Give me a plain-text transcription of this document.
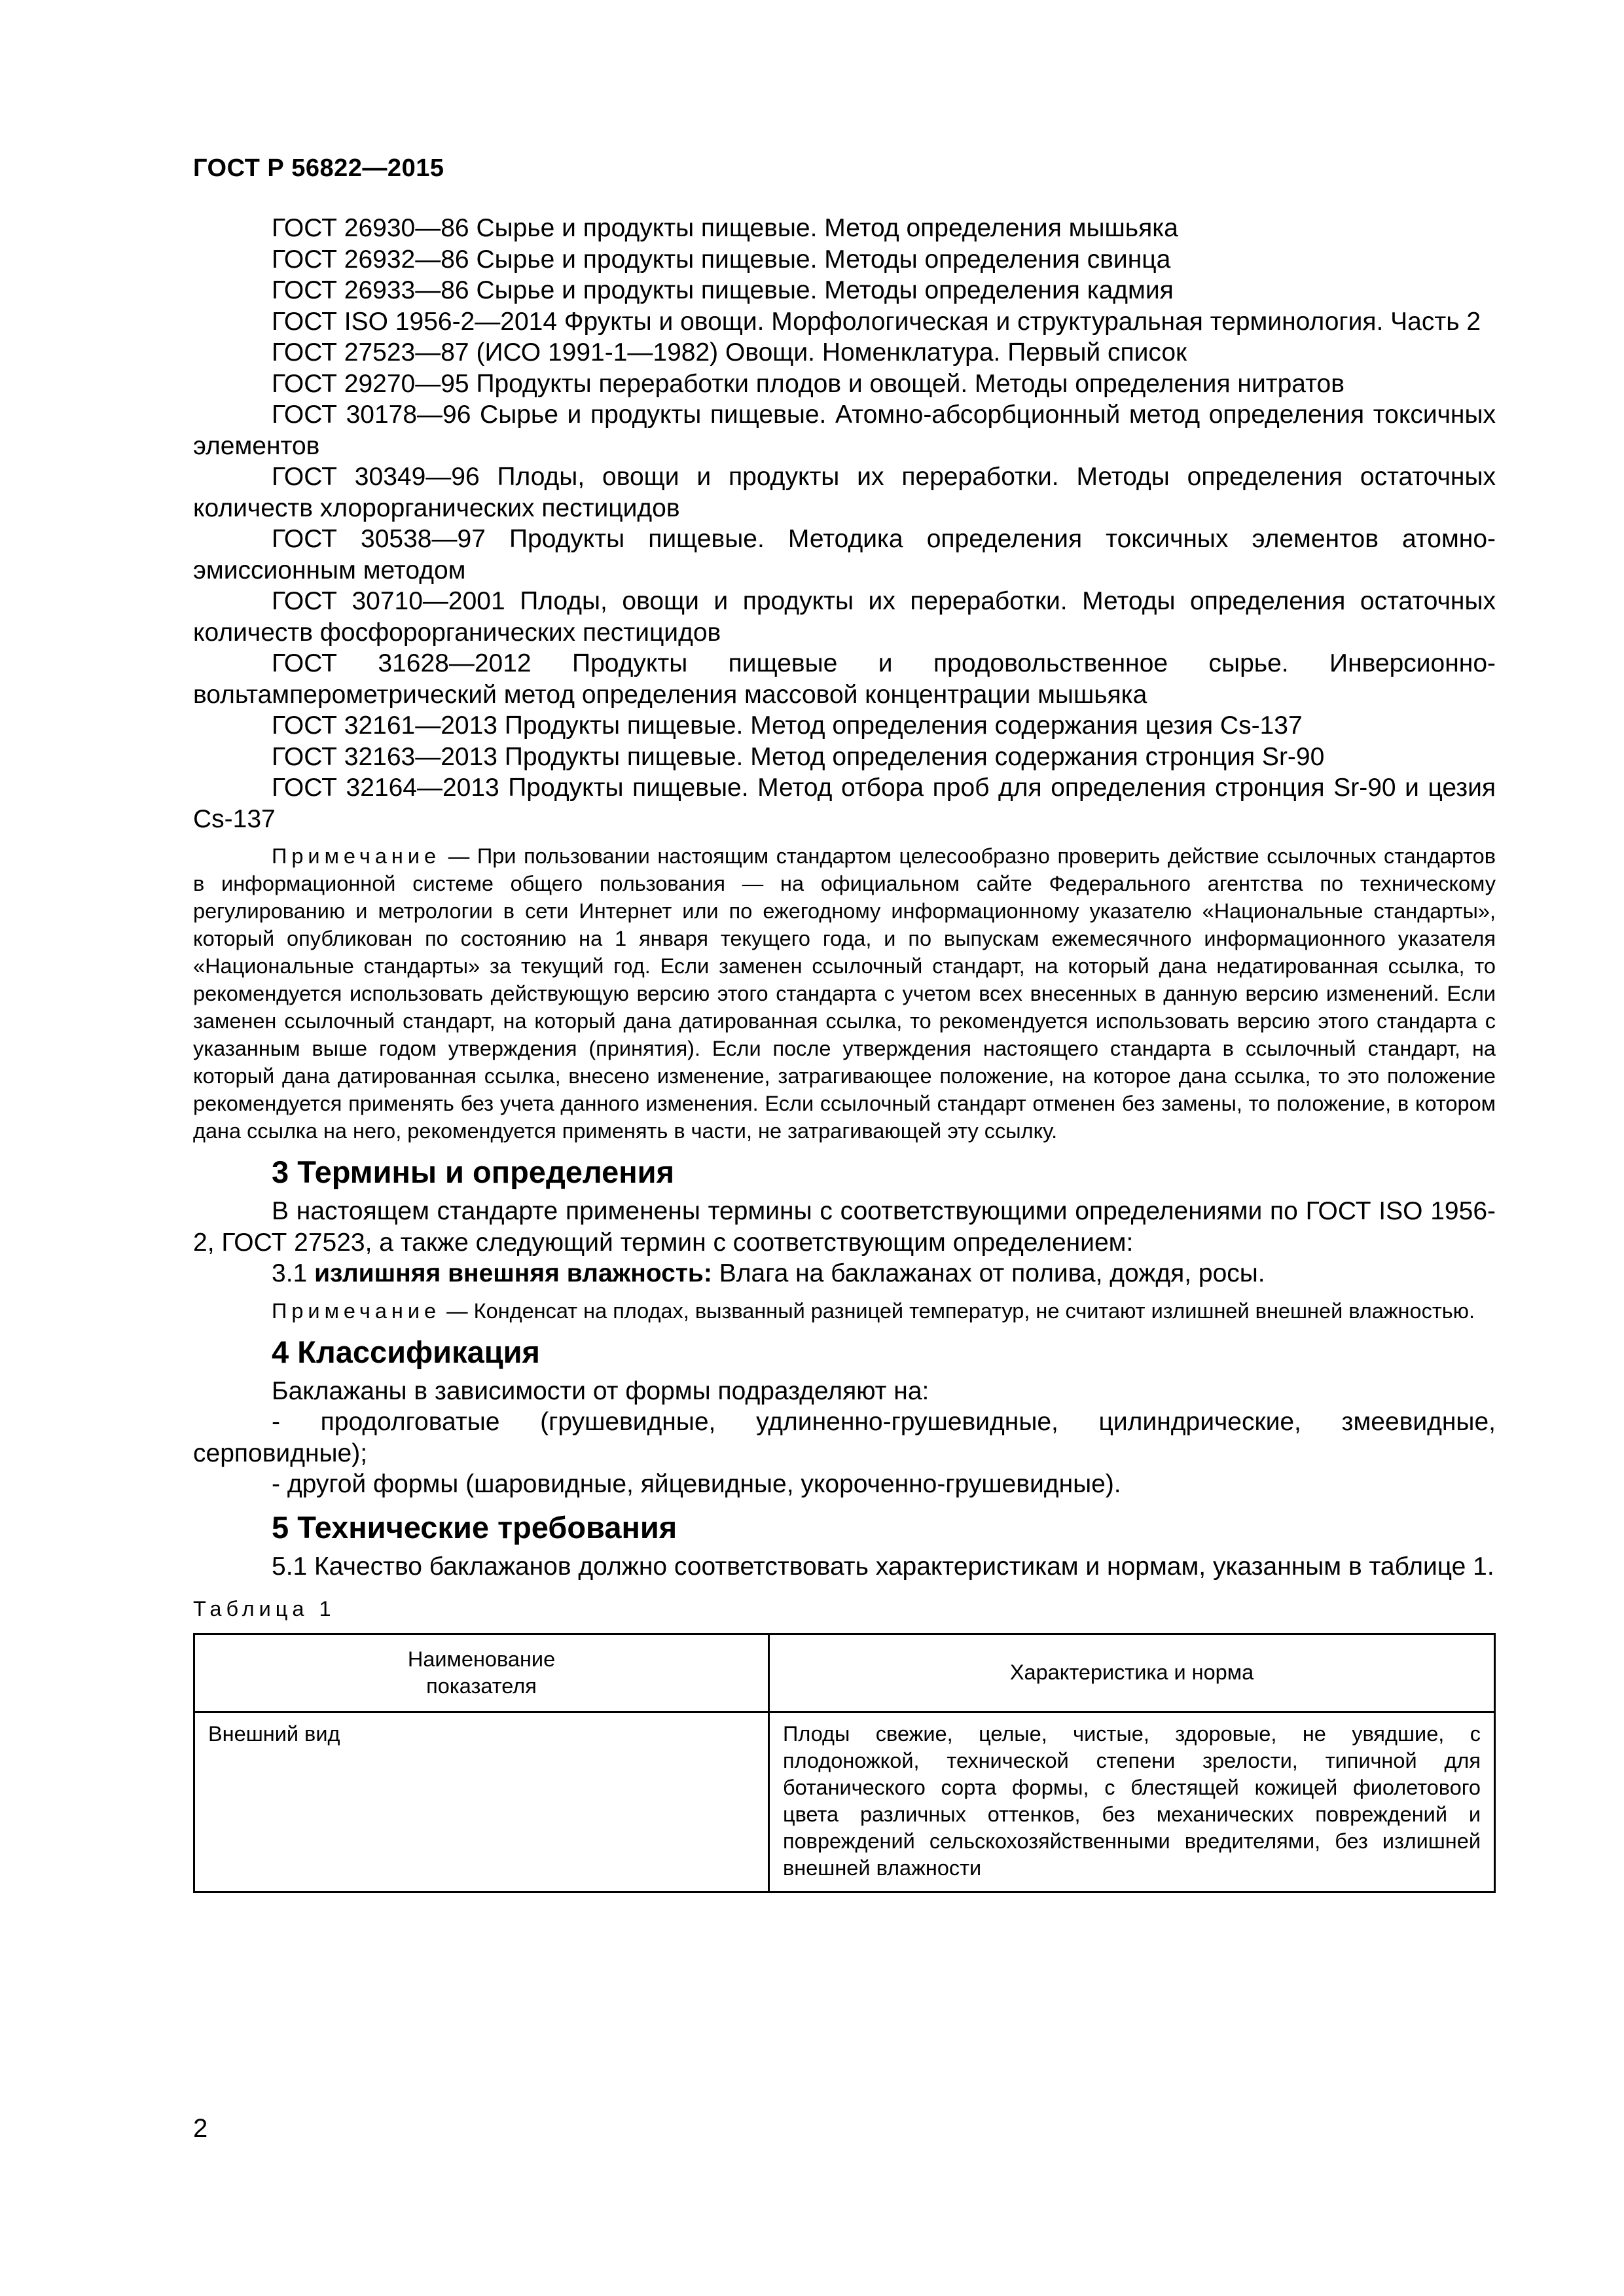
ГОСТ Р 56822—2015

ГОСТ 26930—86 Сырье и продукты пищевые. Метод определения мышьяка

ГОСТ 26932—86 Сырье и продукты пищевые. Методы определения свинца

ГОСТ 26933—86 Сырье и продукты пищевые. Методы определения кадмия

ГОСТ ISO 1956-2—2014 Фрукты и овощи. Морфологическая и структуральная терминология. Часть 2

ГОСТ 27523—87 (ИСО 1991-1—1982) Овощи. Номенклатура. Первый список

ГОСТ 29270—95 Продукты переработки плодов и овощей. Методы определения нитратов

ГОСТ 30178—96 Сырье и продукты пищевые. Атомно-абсорбционный метод определения токсичных элементов

ГОСТ 30349—96 Плоды, овощи и продукты их переработки. Методы определения остаточных количеств хлорорганических пестицидов

ГОСТ 30538—97 Продукты пищевые. Методика определения токсичных элементов атомно-эмиссионным методом

ГОСТ 30710—2001 Плоды, овощи и продукты их переработки. Методы определения остаточных количеств фосфорорганических пестицидов

ГОСТ 31628—2012 Продукты пищевые и продовольственное сырье. Инверсионно-вольтамперометрический метод определения массовой концентрации мышьяка

ГОСТ 32161—2013 Продукты пищевые. Метод определения содержания цезия Cs-137

ГОСТ 32163—2013 Продукты пищевые. Метод определения содержания стронция Sr-90

ГОСТ 32164—2013 Продукты пищевые. Метод отбора проб для определения стронция Sr-90 и цезия Cs-137

Примечание — При пользовании настоящим стандартом целесообразно проверить действие ссылочных стандартов в информационной системе общего пользования — на официальном сайте Федерального агентства по техническому регулированию и метрологии в сети Интернет или по ежегодному информационному указателю «Национальные стандарты», который опубликован по состоянию на 1 января текущего года, и по выпускам ежемесячного информационного указателя «Национальные стандарты» за текущий год. Если заменен ссылочный стандарт, на который дана недатированная ссылка, то рекомендуется использовать действующую версию этого стандарта с учетом всех внесенных в данную версию изменений. Если заменен ссылочный стандарт, на который дана датированная ссылка, то рекомендуется использовать версию этого стандарта с указанным выше годом утверждения (принятия). Если после утверждения настоящего стандарта в ссылочный стандарт, на который дана датированная ссылка, внесено изменение, затрагивающее положение, на которое дана ссылка, то это положение рекомендуется применять без учета данного изменения. Если ссылочный стандарт отменен без замены, то положение, в котором дана ссылка на него, рекомендуется применять в части, не затрагивающей эту ссылку.

3 Термины и определения

В настоящем стандарте применены термины с соответствующими определениями по ГОСТ ISO 1956-2, ГОСТ 27523, а также следующий термин с соответствующим определением:

3.1 излишняя внешняя влажность: Влага на баклажанах от полива, дождя, росы.

Примечание — Конденсат на плодах, вызванный разницей температур, не считают излишней внешней влажностью.

4 Классификация

Баклажаны в зависимости от формы подразделяют на:

- продолговатые (грушевидные, удлиненно-грушевидные, цилиндрические, змеевидные, серповидные);

- другой формы (шаровидные, яйцевидные, укороченно-грушевидные).

5 Технические требования

5.1 Качество баклажанов должно соответствовать характеристикам и нормам, указанным в таблице 1.

Таблица 1

Наименование показателя	Характеристика и норма
Внешний вид	Плоды свежие, целые, чистые, здоровые, не увядшие, с плодоножкой, технической степени зрелости, типичной для ботанического сорта формы, с блестящей кожицей фиолетового цвета различных оттенков, без механических повреждений и повреждений сельскохозяйственными вредителями, без излишней внешней влажности
2
